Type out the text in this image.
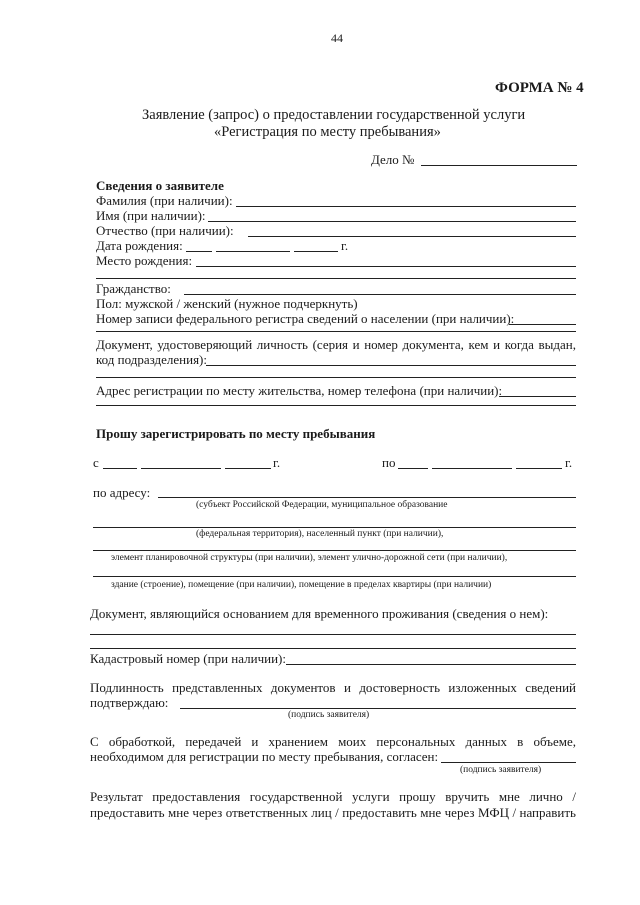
44
ФОРМА № 4
Заявление (запрос) о предоставлении государственной услуги
«Регистрация по месту пребывания»
Дело №
Сведения о заявителе
Фамилия (при наличии):
Имя (при наличии):
Отчество (при наличии):
Дата рождения:	г.
Место рождения:
Гражданство:
Пол: мужской / женский (нужное подчеркнуть)
Номер записи федерального регистра сведений о населении (при наличии):
Документ, удостоверяющий личность (серия и номер документа, кем и когда выдан,
код подразделения):
Адрес регистрации по месту жительства, номер телефона (при наличии):
Прошу зарегистрировать по месту пребывания
с	г.	по	г.
по адресу:
(субъект Российской Федерации, муниципальное образование
(федеральная территория), населенный пункт (при наличии),
элемент планировочной структуры (при наличии), элемент улично-дорожной сети (при наличии),
здание (строение), помещение (при наличии), помещение в пределах квартиры (при наличии)
Документ, являющийся основанием для временного проживания (сведения о нем):
Кадастровый номер (при наличии):
Подлинность представленных документов и достоверность изложенных сведений
подтверждаю:
(подпись заявителя)
С обработкой, передачей и хранением моих персональных данных в объеме,
необходимом для регистрации по месту пребывания, согласен:
(подпись заявителя)
Результат предоставления государственной услуги прошу вручить мне лично /
предоставить мне через ответственных лиц / предоставить мне через МФЦ / направить
